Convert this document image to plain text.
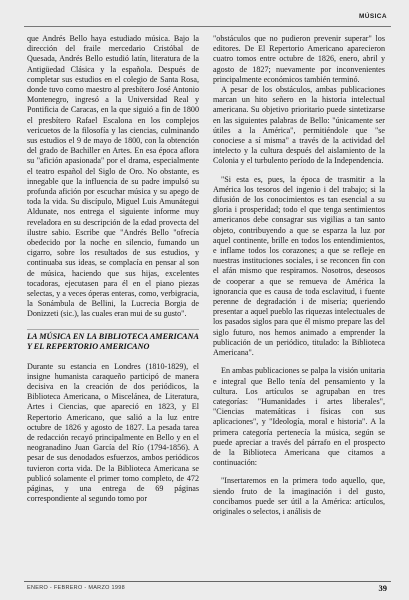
MÚSICA

que Andrés Bello haya estudiado música. Bajo la dirección del fraile mercedario Cristóbal de Quesada, Andrés Bello estudió latín, literatura de la Antigüedad Clásica y la española. Después de completar sus estudios en el colegio de Santa Rosa, donde tuvo como maestro al presbítero José Antonio Montenegro, ingresó a la Universidad Real y Pontificia de Caracas, en la que siguió a fin de 1800 el presbítero Rafael Escalona en los complejos vericuetos de la filosofía y las ciencias, culminando sus estudios el 9 de mayo de 1800, con la obtención del grado de Bachiller en Artes. En esa época aflora su "afición apasionada" por el drama, especialmente el teatro español del Siglo de Oro. No obstante, es innegable que la influencia de su padre impulsó su profunda afición por escuchar música y su apego de toda la vida. Su discípulo, Miguel Luis Amunátegui Aldunate, nos entrega el siguiente informe muy reveladora en su descripción de la edad provecta del ilustre sabio. Escribe que "Andrés Bello "ofrecía obedecido por la noche en silencio, fumando un cigarro, sobre los resultados de sus estudios, y continuaba sus ideas, se complacía en pensar al son de música, haciendo que sus hijas, excelentes tocadoras, ejecutasen para él en el piano piezas selectas, y a veces óperas enteras, como, verbigracia, la Sonámbula de Bellini, la Lucrecia Borgia de Donizzeti (sic.), las cuales eran mui de su gusto".

LA MÚSICA EN LA BIBLIOTECA AMERICANA Y EL REPERTORIO AMERICANO

Durante su estancia en Londres (1810-1829), el insigne humanista caraqueño participó de manera decisiva en la creación de dos periódicos, la Biblioteca Americana, o Miscelánea, de Literatura, Artes i Ciencias, que apareció en 1823, y El Repertorio Americano, que salió a la luz entre octubre de 1826 y agosto de 1827. La pesada tarea de redacción recayó principalmente en Bello y en el neogranadino Juan García del Río (1794-1856). A pesar de sus denodados esfuerzos, ambos periódicos tuvieron corta vida. De la Biblioteca Americana se publicó solamente el primer tomo completo, de 472 páginas, y una entrega de 69 páginas correspondiente al segundo tomo por

"obstáculos que no pudieron prevenir superar" los editores. De El Repertorio Americano aparecieron cuatro tomos entre octubre de 1826, enero, abril y agosto de 1827; nuevamente por inconvenientes principalmente económicos también terminó.

A pesar de los obstáculos, ambas publicaciones marcan un hito señero en la historia intelectual americana. Su objetivo prioritario puede sintetizarse en las siguientes palabras de Bello: "únicamente ser útiles a la América", permitiéndole que "se conociese a sí misma" a través de la actividad del intelecto y la cultura después del aislamiento de la Colonia y el turbulento período de la Independencia.

"Si esta es, pues, la época de trasmitir a la América los tesoros del ingenio i del trabajo; si la difusión de los conocimientos es tan esencial a su gloria i prosperidad; todo el que tenga sentimientos americanos debe consagrar sus vigilias a tan santo objeto, contribuyendo a que se esparza la luz por aquel continente, brille en todos los entendimientos, e inflame todos los corazones; a que se refleje en nuestras instituciones sociales, i se reconcen fin con el afán mismo que respiramos. Nosotros, deseosos de cooperar a que se remueva de América la ignorancia que es causa de toda esclavitud, i fuente perenne de degradación i de miseria; queriendo presentar a aquel pueblo las riquezas intelectuales de los pasados siglos para que él mismo prepare las del siglo futuro, nos hemos animado a emprender la publicación de un periódico, titulado: la Biblioteca Americana".

En ambas publicaciones se palpa la visión unitaria e integral que Bello tenía del pensamiento y la cultura. Los artículos se agrupaban en tres categorías: "Humanidades i artes liberales", "Ciencias matemáticas i físicas con sus aplicaciones", y "Ideología, moral e historia". A la primera categoría pertenecía la música, según se puede apreciar a través del párrafo en el prospecto de la Biblioteca Americana que citamos a continuación:

"Insertaremos en la primera todo aquello, que, siendo fruto de la imaginación i del gusto, concibamos puede ser útil a la América: artículos, originales o selectos, i análisis de

ENERO - FEBRERO - MARZO 1998	39
